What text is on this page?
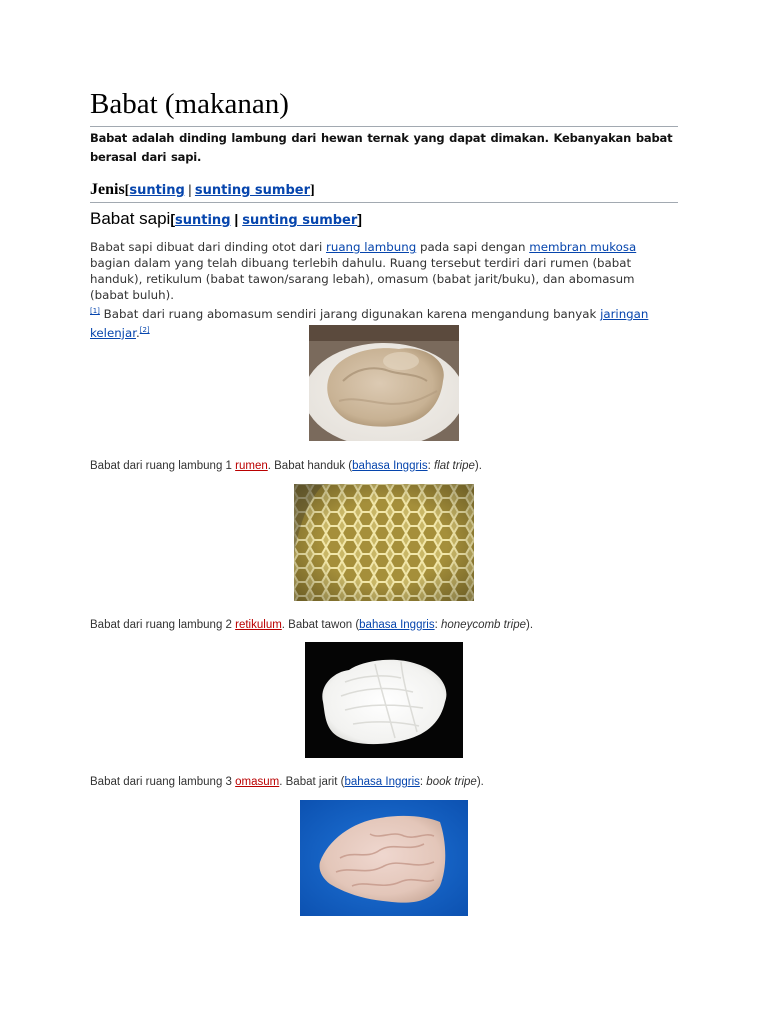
Babat (makanan)
Babat adalah dinding lambung dari hewan ternak yang dapat dimakan. Kebanyakan babat berasal dari sapi.
Jenis[sunting | sunting sumber]
Babat sapi[sunting | sunting sumber]
Babat sapi dibuat dari dinding otot dari ruang lambung pada sapi dengan membran mukosa bagian dalam yang telah dibuang terlebih dahulu. Ruang tersebut terdiri dari rumen (babat handuk), retikulum (babat tawon/sarang lebah), omasum (babat jarit/buku), dan abomasum (babat buluh).
[1] Babat dari ruang abomasum sendiri jarang digunakan karena mengandung banyak jaringan kelenjar.[2]
Babat dari ruang lambung 1 rumen. Babat handuk (bahasa Inggris: flat tripe).
Babat dari ruang lambung 2 retikulum. Babat tawon (bahasa Inggris: honeycomb tripe).
Babat dari ruang lambung 3 omasum. Babat jarit (bahasa Inggris: book tripe).
